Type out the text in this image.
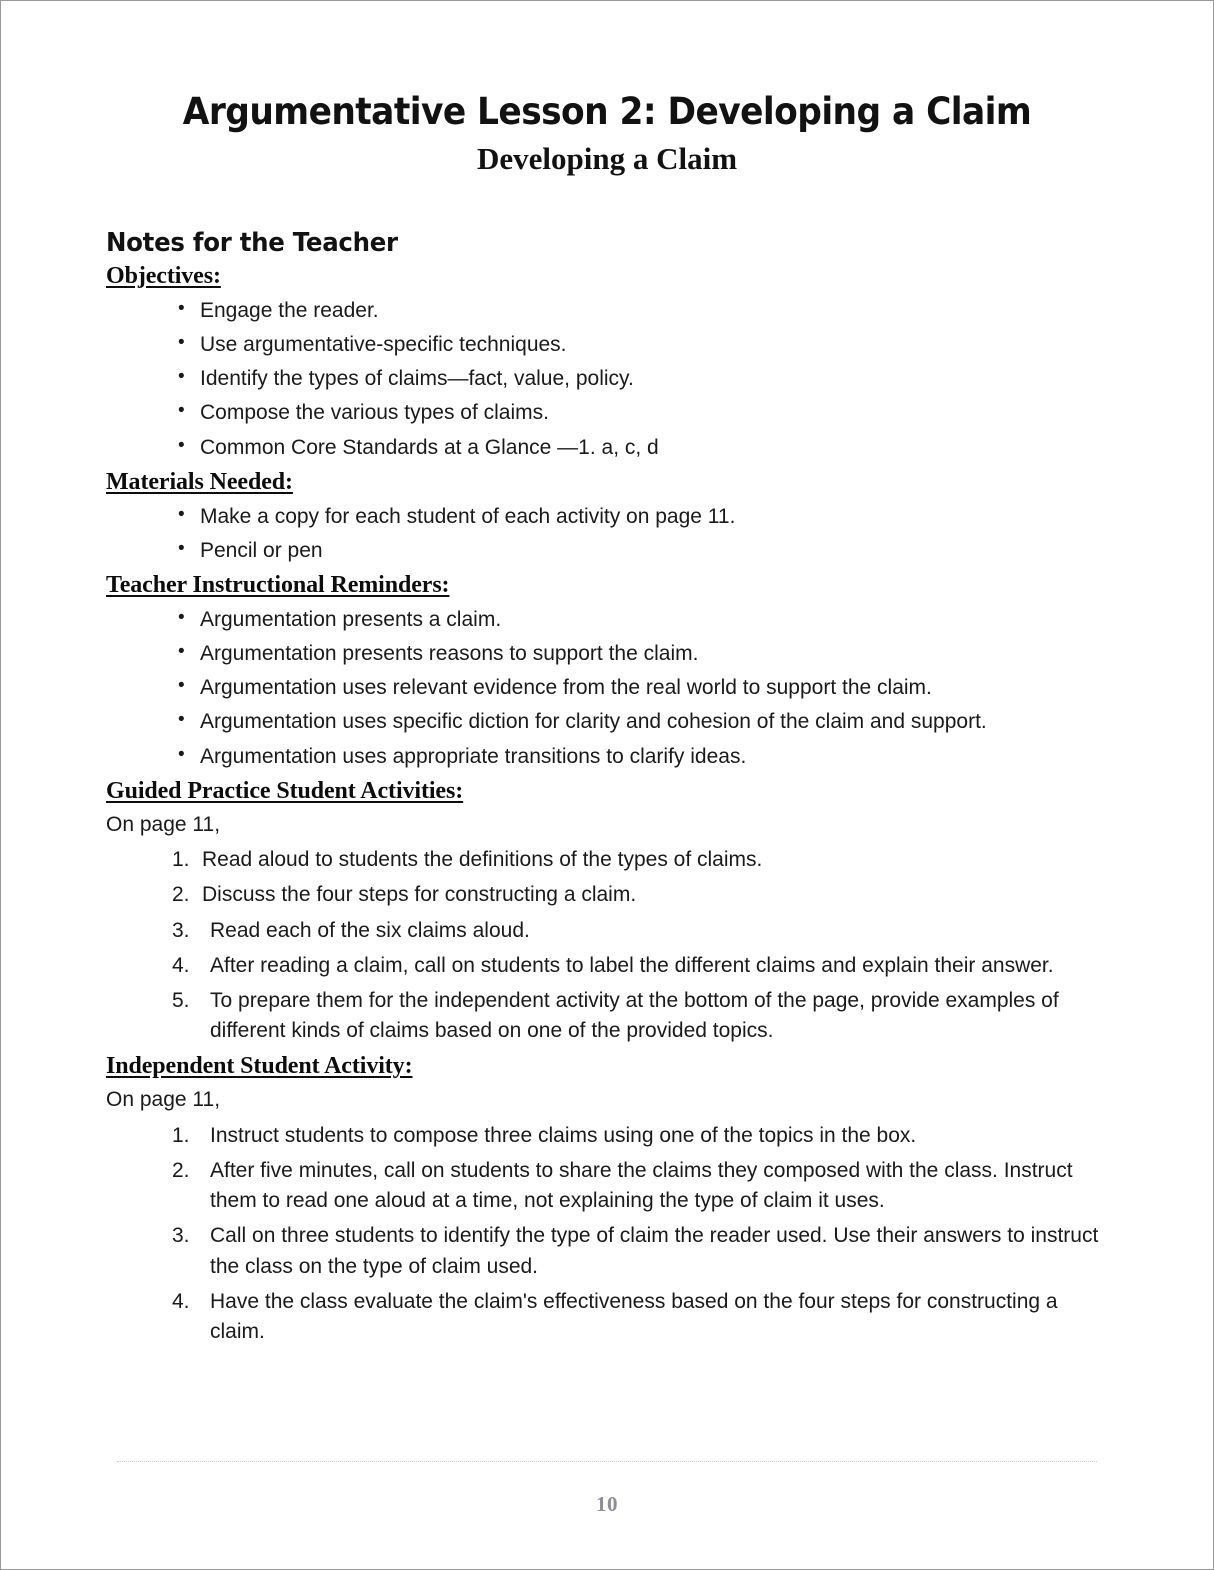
Argumentative Lesson 2: Developing a Claim
Developing a Claim
Notes for the Teacher
Objectives:
• Engage the reader.
• Use argumentative-specific techniques.
• Identify the types of claims—fact, value, policy.
• Compose the various types of claims.
• Common Core Standards at a Glance —1. a, c, d
Materials Needed:
• Make a copy for each student of each activity on page 11.
• Pencil or pen
Teacher Instructional Reminders:
• Argumentation presents a claim.
• Argumentation presents reasons to support the claim.
• Argumentation uses relevant evidence from the real world to support the claim.
• Argumentation uses specific diction for clarity and cohesion of the claim and support.
• Argumentation uses appropriate transitions to clarify ideas.
Guided Practice Student Activities:
On page 11,
1. Read aloud to students the definitions of the types of claims.
2. Discuss the four steps for constructing a claim.
3. Read each of the six claims aloud.
4. After reading a claim, call on students to label the different claims and explain their answer.
5. To prepare them for the independent activity at the bottom of the page, provide examples of different kinds of claims based on one of the provided topics.
Independent Student Activity:
On page 11,
1. Instruct students to compose three claims using one of the topics in the box.
2. After five minutes, call on students to share the claims they composed with the class. Instruct them to read one aloud at a time, not explaining the type of claim it uses.
3. Call on three students to identify the type of claim the reader used. Use their answers to instruct the class on the type of claim used.
4. Have the class evaluate the claim's effectiveness based on the four steps for constructing a claim.
10
